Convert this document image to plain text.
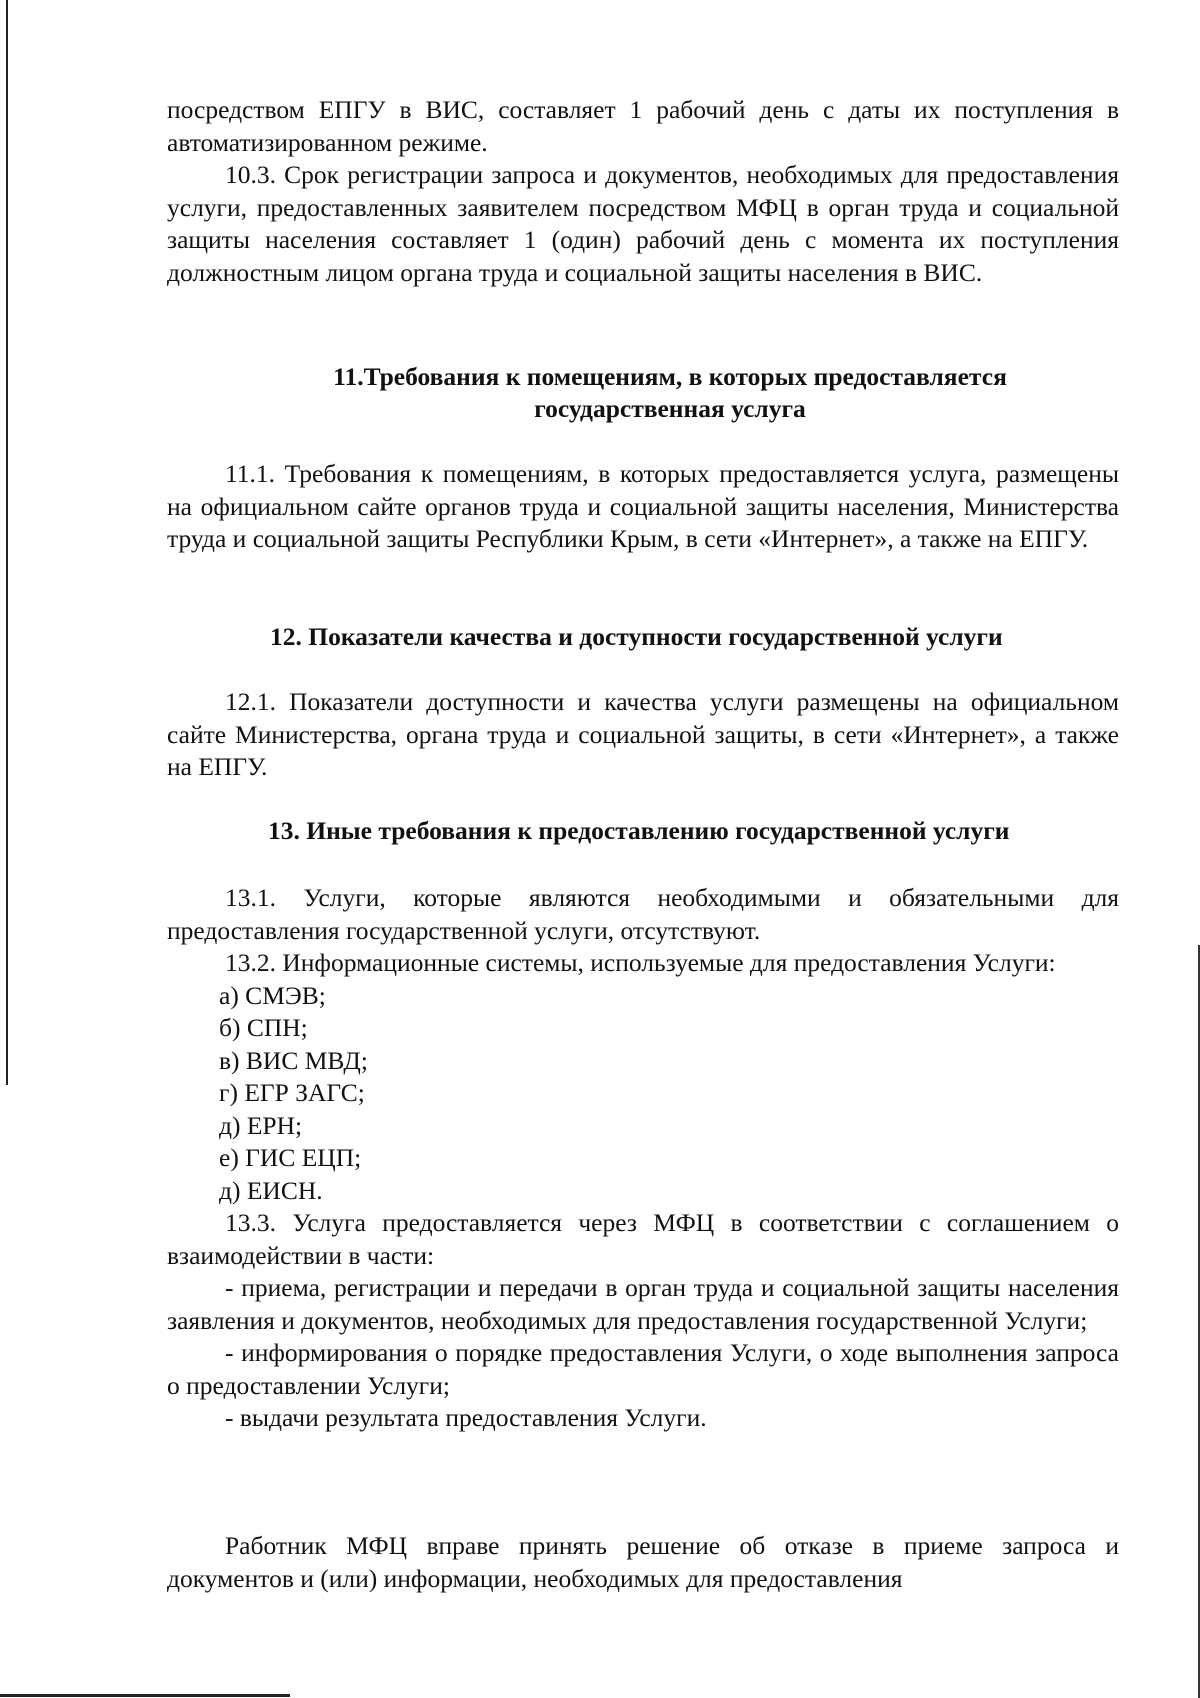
посредством ЕПГУ в ВИС, составляет 1 рабочий день с даты их поступления в автоматизированном режиме.

10.3. Срок регистрации запроса и документов, необходимых для предоставления услуги, предоставленных заявителем посредством МФЦ в орган труда и социальной защиты населения составляет 1 (один) рабочий день с момента их поступления должностным лицом органа труда и социальной защиты населения в ВИС.

11.Требования к помещениям, в которых предоставляется

государственная услуга

11.1. Требования к помещениям, в которых предоставляется услуга, размещены на официальном сайте органов труда и социальной защиты населения, Министерства труда и социальной защиты Республики Крым, в сети «Интернет», а также на ЕПГУ.

12. Показатели качества и доступности государственной услуги

12.1. Показатели доступности и качества услуги размещены на официальном сайте Министерства, органа труда и социальной защиты, в сети «Интернет», а также на ЕПГУ.

13. Иные требования к предоставлению государственной услуги

13.1. Услуги, которые являются необходимыми и обязательными для предоставления государственной услуги, отсутствуют.

13.2. Информационные системы, используемые для предоставления Услуги:

а) СМЭВ;
б) СПН;
в) ВИС МВД;
г) ЕГР ЗАГС;
д) ЕРН;
е) ГИС ЕЦП;
д) ЕИСН.

13.3. Услуга предоставляется через МФЦ в соответствии с соглашением о взаимодействии в части:

- приема, регистрации и передачи в орган труда и социальной защиты населения заявления и документов, необходимых для предоставления государственной Услуги;

- информирования о порядке предоставления Услуги, о ходе выполнения запроса о предоставлении Услуги;

- выдачи результата предоставления Услуги.

Работник МФЦ вправе принять решение об отказе в приеме запроса и документов и (или) информации, необходимых для предоставления
